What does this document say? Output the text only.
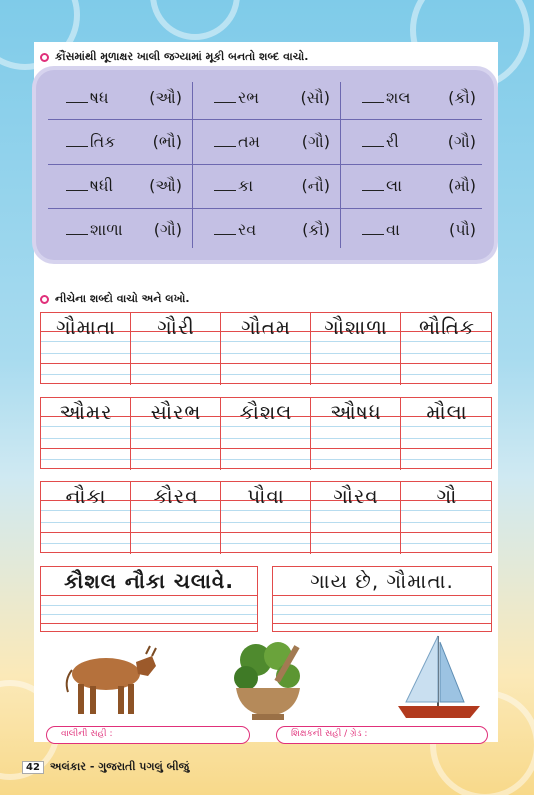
કૌંસમાંથી મૂળાક્ષર ખાલી જગ્યામાં મૂકી બનતો શબ્દ વાચો.
ષધ	(ઔ)	રભ	(સૌ)	શલ (કૌ)
તિક (ભૌ)	તમ	(ગૌ)	રી	(ગૌ)
ષધી (ઔ)	કા	(નૌ)	લા	(મૌ)
શાળા (ગૌ)	રવ	(કૌ)	વા	(પૌ)
નીચેના શબ્દો વાચો અને લખો.
ગૌમાતા	ગૌરી	ગૌતમ	ગૌશાળા	ભૌતિક
ઔમર	સૌરભ	કૌશલ	ઔષધ	મૌલા
નૌકા	કૌરવ	પૌવા	ગૌરવ	ગૌ
કૌશલ નૌકા ચલાવે.	ગાય છે, ગૌમાતા.
વાલીની સહી :	શિક્ષકની સહી / ગ્રેડ :
42 અલંકાર - ગુજરાતી પગલું બીજું
